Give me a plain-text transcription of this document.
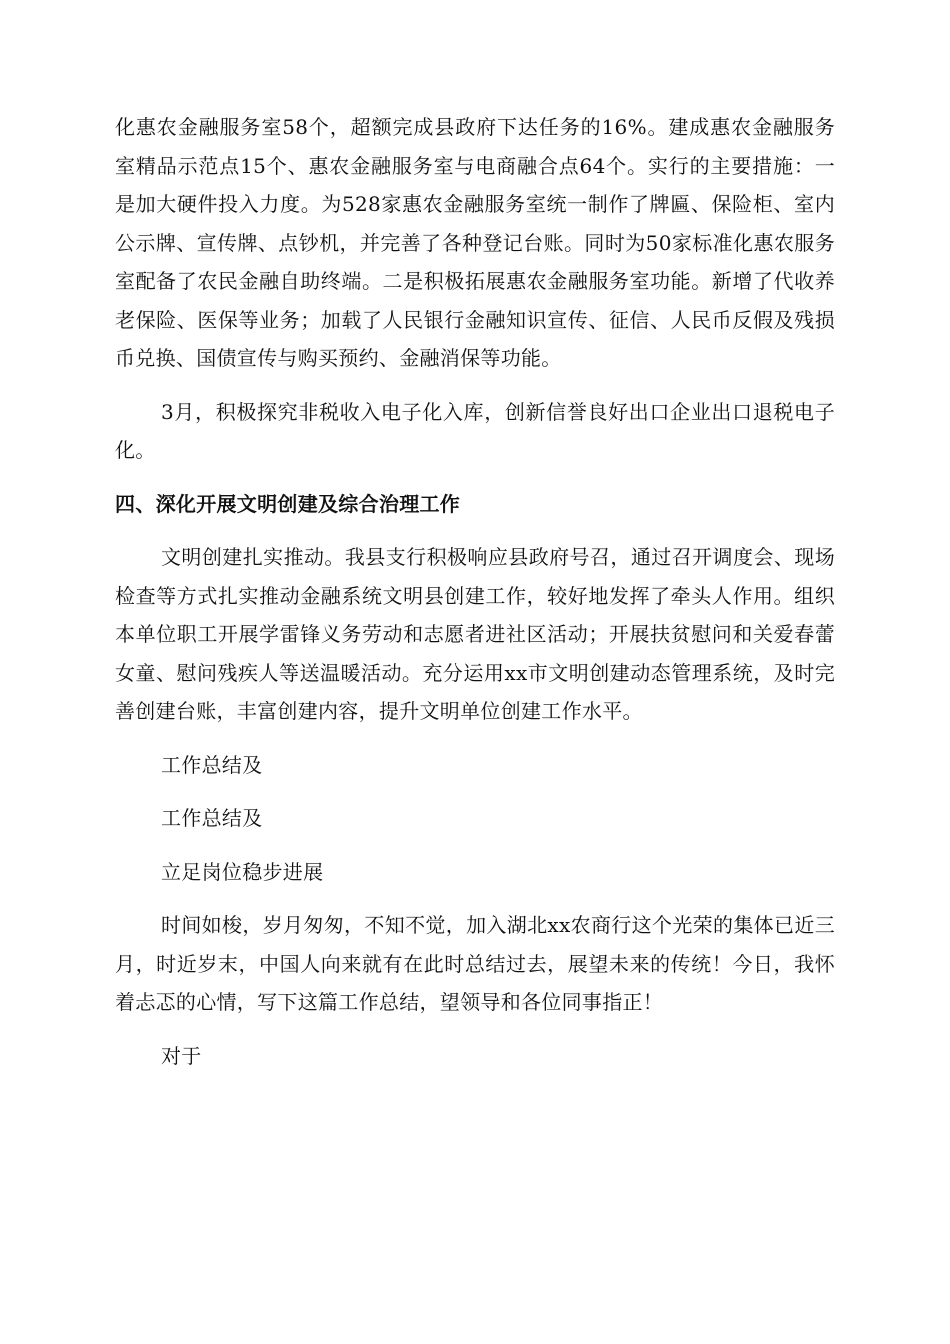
化惠农金融服务室58个，超额完成县政府下达任务的16%。建成惠农金融服务室精品示范点15个、惠农金融服务室与电商融合点64个。实行的主要措施：一是加大硬件投入力度。为528家惠农金融服务室统一制作了牌匾、保险柜、室内公示牌、宣传牌、点钞机，并完善了各种登记台账。同时为50家标准化惠农服务室配备了农民金融自助终端。二是积极拓展惠农金融服务室功能。新增了代收养老保险、医保等业务；加载了人民银行金融知识宣传、征信、人民币反假及残损币兑换、国债宣传与购买预约、金融消保等功能。

3月，积极探究非税收入电子化入库，创新信誉良好出口企业出口退税电子化。

四、深化开展文明创建及综合治理工作

文明创建扎实推动。我县支行积极响应县政府号召，通过召开调度会、现场检查等方式扎实推动金融系统文明县创建工作，较好地发挥了牵头人作用。组织本单位职工开展学雷锋义务劳动和志愿者进社区活动；开展扶贫慰问和关爱春蕾女童、慰问残疾人等送温暖活动。充分运用xx市文明创建动态管理系统，及时完善创建台账，丰富创建内容，提升文明单位创建工作水平。

工作总结及

工作总结及

立足岗位稳步进展

时间如梭，岁月匆匆，不知不觉，加入湖北xx农商行这个光荣的集体已近三月，时近岁末，中国人向来就有在此时总结过去，展望未来的传统！今日，我怀着忐忑的心情，写下这篇工作总结，望领导和各位同事指正！

对于
